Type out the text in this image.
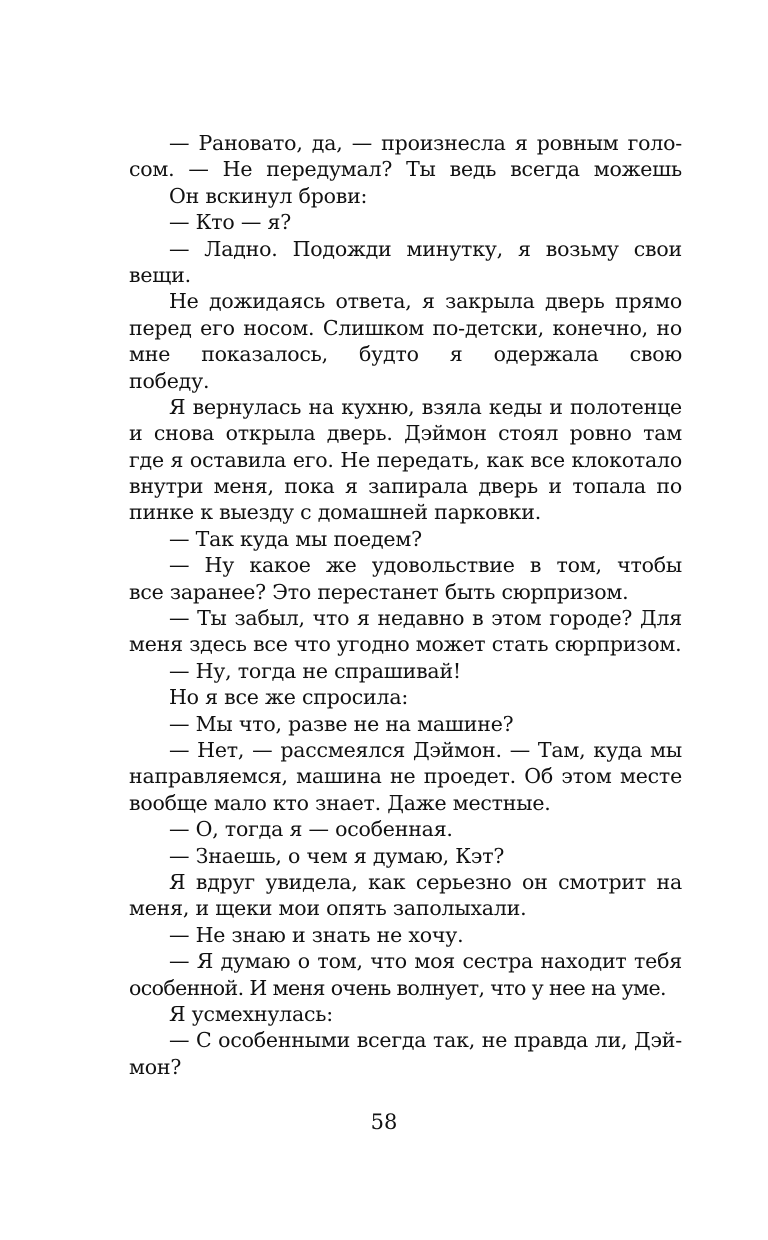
— Рановато, да, — произнесла я ровным голо-
сом. — Не передумал? Ты ведь всегда можешь
Он вскинул брови:
— Кто — я?
— Ладно. Подожди минутку, я возьму свои
вещи.
Не дожидаясь ответа, я закрыла дверь прямо
перед его носом. Слишком по-детски, конечно, но
мне показалось, будто я одержала свою
победу.
Я вернулась на кухню, взяла кеды и полотенце
и снова открыла дверь. Дэймон стоял ровно там
где я оставила его. Не передать, как все клокотало
внутри меня, пока я запирала дверь и топала по
пинке к выезду с домашней парковки.
— Так куда мы поедем?
— Ну какое же удовольствие в том, чтобы
все заранее? Это перестанет быть сюрпризом.
— Ты забыл, что я недавно в этом городе? Для
меня здесь все что угодно может стать сюрпризом.
— Ну, тогда не спрашивай!
Но я все же спросила:
— Мы что, разве не на машине?
— Нет, — рассмеялся Дэймон. — Там, куда мы
направляемся, машина не проедет. Об этом месте
вообще мало кто знает. Даже местные.
— О, тогда я — особенная.
— Знаешь, о чем я думаю, Кэт?
Я вдруг увидела, как серьезно он смотрит на
меня, и щеки мои опять заполыхали.
— Не знаю и знать не хочу.
— Я думаю о том, что моя сестра находит тебя
особенной. И меня очень волнует, что у нее на уме.
Я усмехнулась:
— С особенными всегда так, не правда ли, Дэй-
мон?
58
